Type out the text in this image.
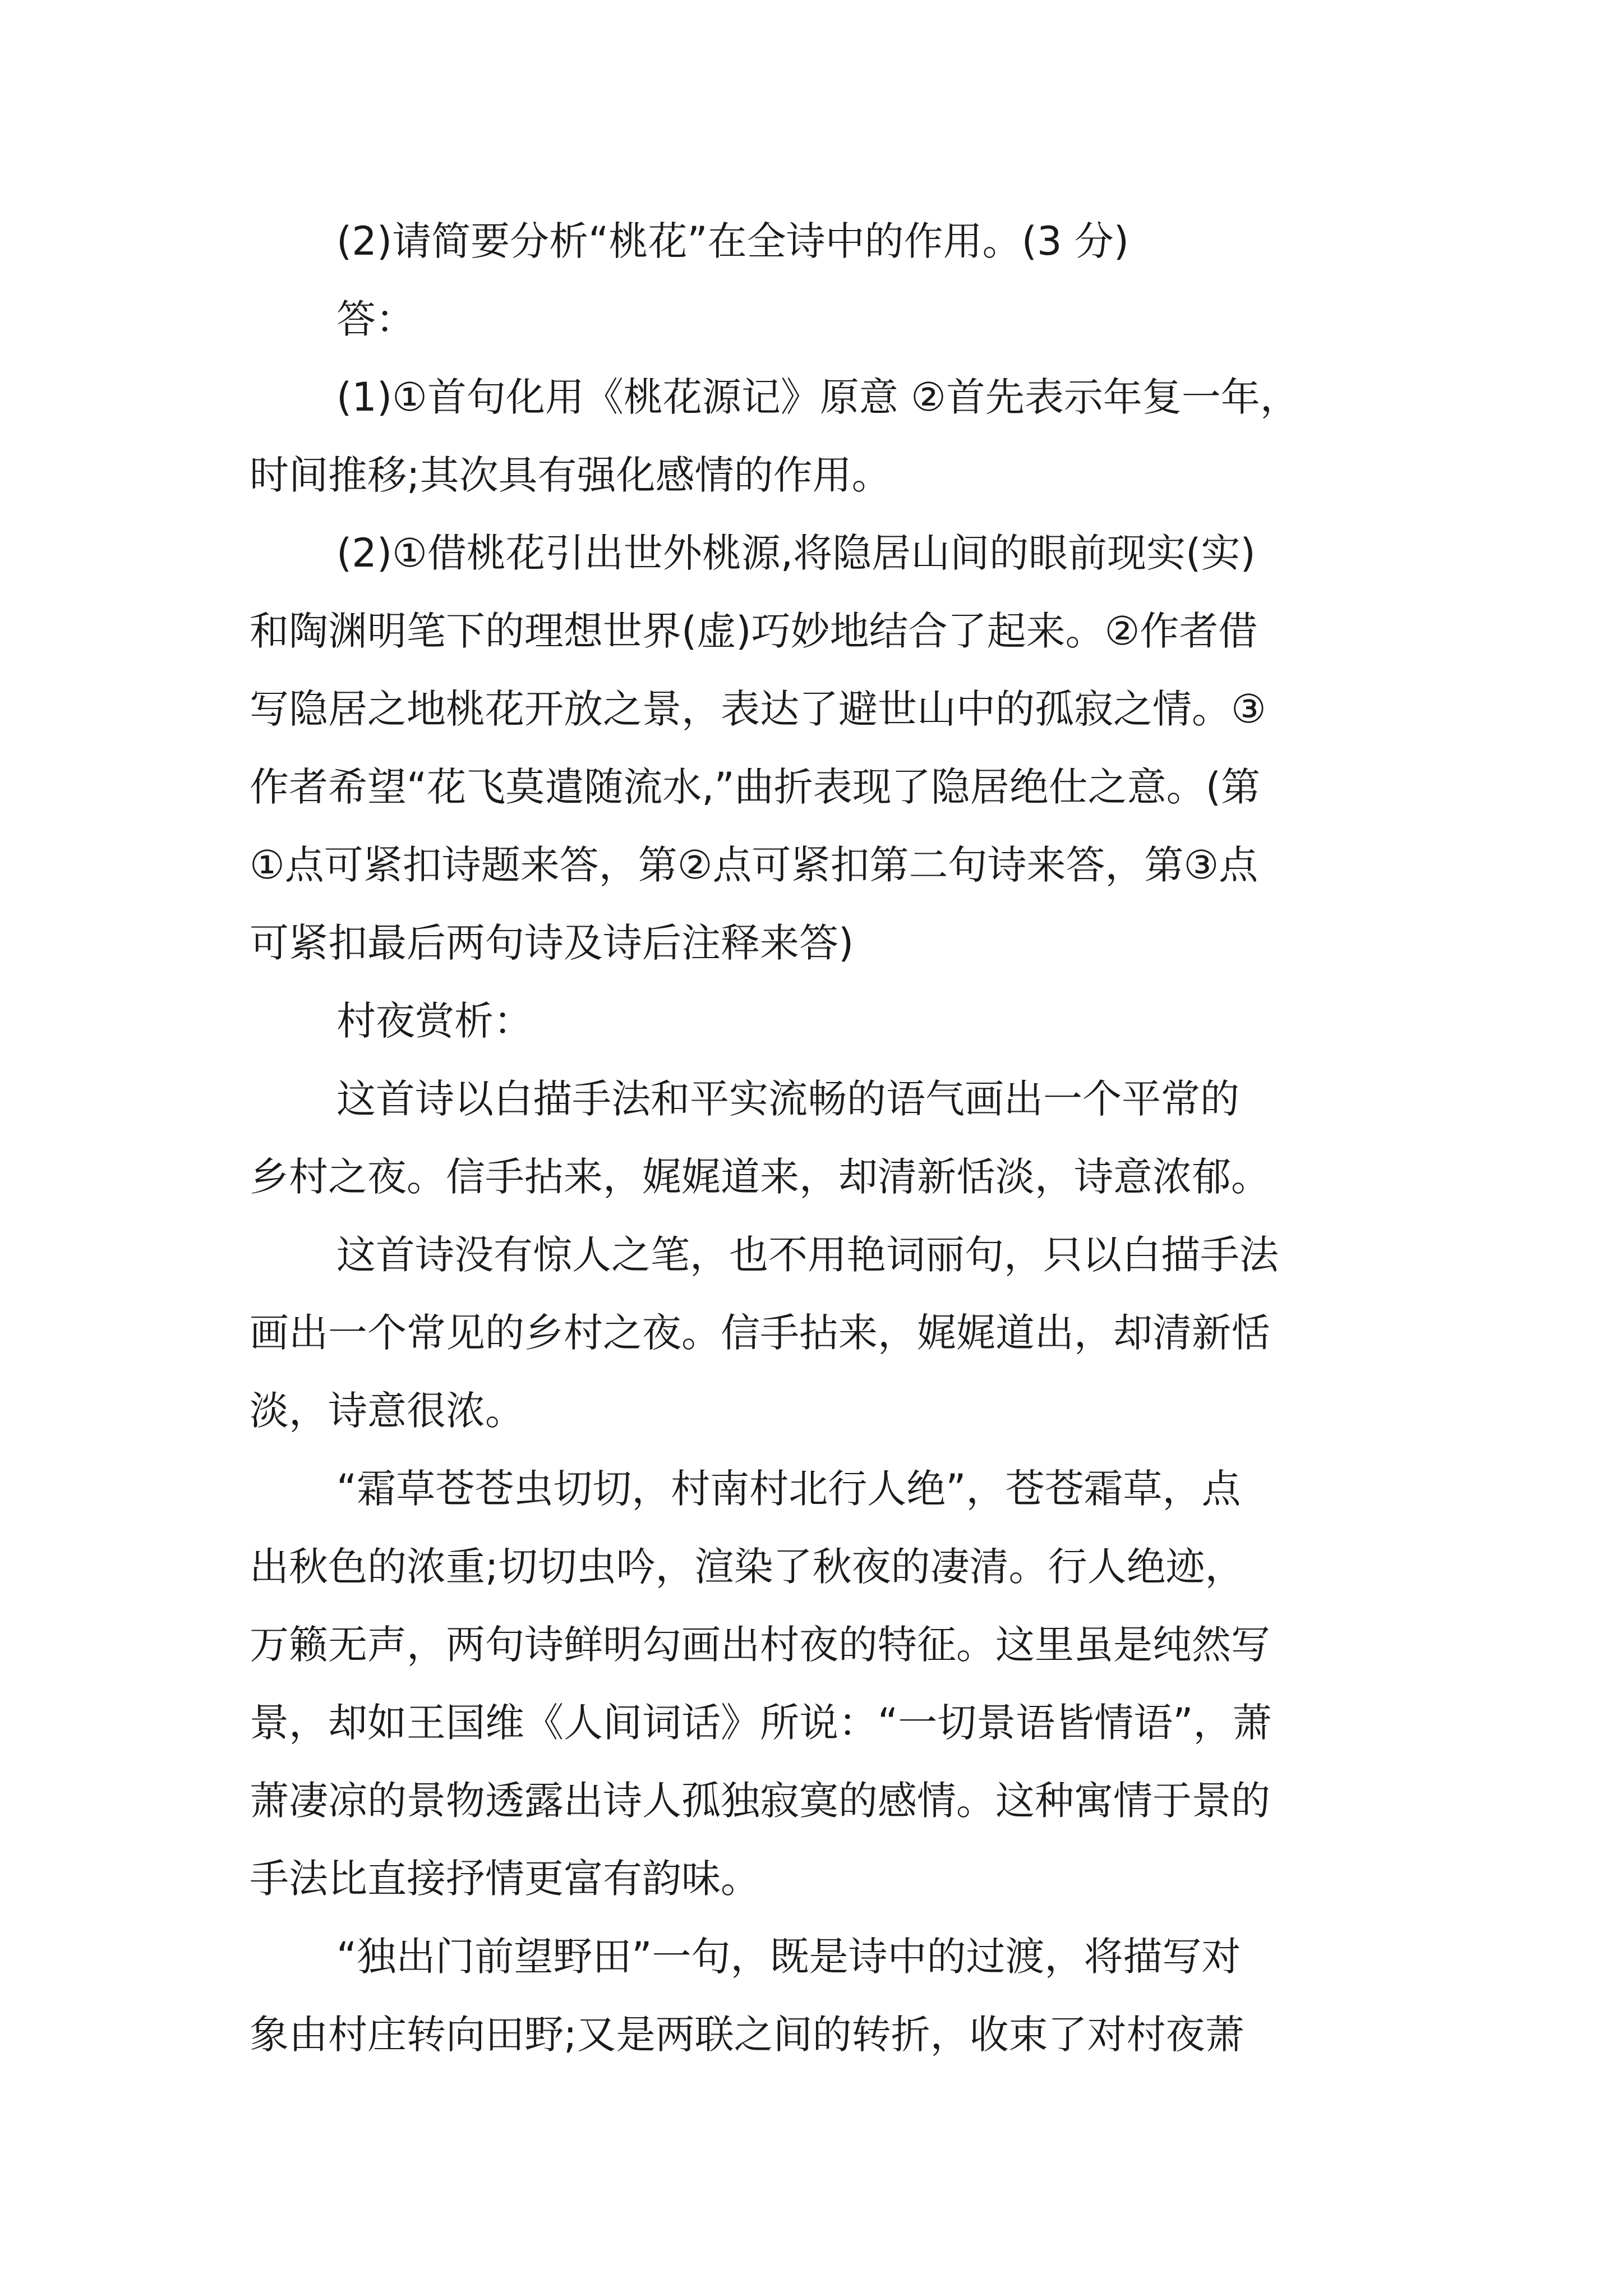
(2)请简要分析“桃花”在全诗中的作用。(3 分)
答：
(1)①首句化用《桃花源记》原意 ②首先表示年复一年，
时间推移;其次具有强化感情的作用。
(2)①借桃花引出世外桃源,将隐居山间的眼前现实(实)
和陶渊明笔下的理想世界(虚)巧妙地结合了起来。②作者借
写隐居之地桃花开放之景，表达了避世山中的孤寂之情。③
作者希望“花飞莫遣随流水,”曲折表现了隐居绝仕之意。(第
①点可紧扣诗题来答，第②点可紧扣第二句诗来答，第③点
可紧扣最后两句诗及诗后注释来答)
村夜赏析：
这首诗以白描手法和平实流畅的语气画出一个平常的
乡村之夜。信手拈来，娓娓道来，却清新恬淡，诗意浓郁。
这首诗没有惊人之笔，也不用艳词丽句，只以白描手法
画出一个常见的乡村之夜。信手拈来，娓娓道出，却清新恬
淡，诗意很浓。
“霜草苍苍虫切切，村南村北行人绝”，苍苍霜草，点
出秋色的浓重;切切虫吟，渲染了秋夜的凄清。行人绝迹，
万籁无声，两句诗鲜明勾画出村夜的特征。这里虽是纯然写
景，却如王国维《人间词话》所说：“一切景语皆情语”，萧
萧凄凉的景物透露出诗人孤独寂寞的感情。这种寓情于景的
手法比直接抒情更富有韵味。
“独出门前望野田”一句，既是诗中的过渡，将描写对
象由村庄转向田野;又是两联之间的转折，收束了对村夜萧
